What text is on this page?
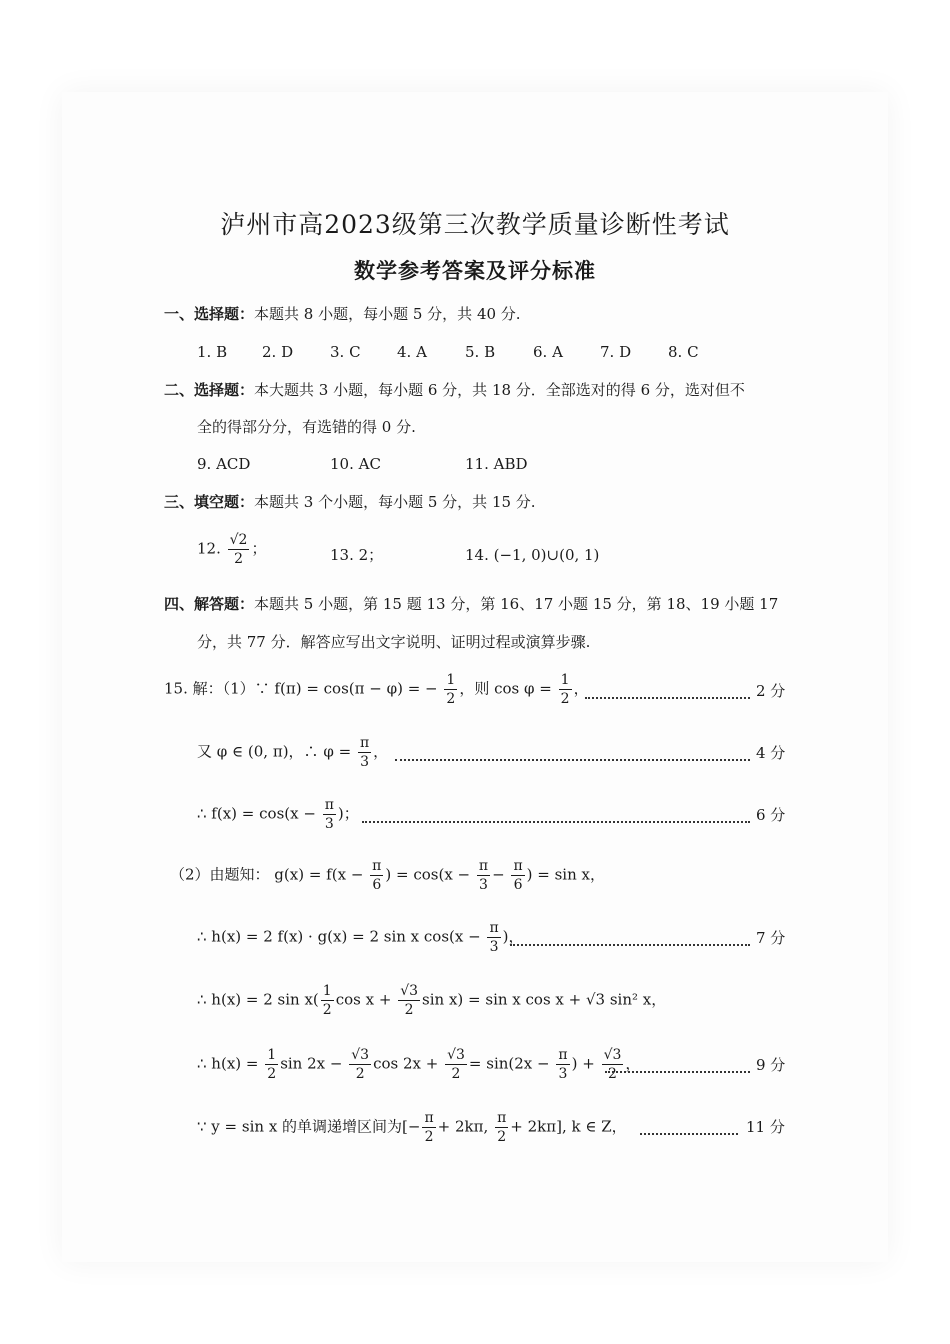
泸州市高2023级第三次教学质量诊断性考试
数学参考答案及评分标准
一、选择题：本题共 8 小题，每小题 5 分，共 40 分.
1. B 2. D 3. C 4. A	5. B	6. A 7. D 8. C
二、选择题：本大题共 3 小题，每小题 6 分，共 18 分．全部选对的得 6 分，选对但不
全的得部分分，有选错的得 0 分.
9. ACD	10. AC	11. ABD
三、填空题：本题共 3 个小题，每小题 5 分，共 15 分.
12. $\frac{√2}{2}$ ；	13. 2；	14. (−1, 0)∪(0, 1)
四、解答题：本题共 5 小题，第 15 题 13 分，第 16、17 小题 15 分，第 18、19 小题 17
分，共 77 分．解答应写出文字说明、证明过程或演算步骤.
15. 解：（1）∵ f(π) = cos(π − φ) = − $\frac{1}{2}$ ，则 $\cos \varphi = \frac{1}{2}$ ，	2 分
又 φ ∈ (0, π)，∴ $\varphi = \frac{\pi}{3}$ ，	4 分
∴ $f(x) = \cos(x - \frac{\pi}{3}$ )；	6 分
（2）由题知： $g(x) = f(x - \frac{\pi}{6}$ ) = $\cos(x - \frac{\pi}{3} - \frac{\pi}{6}$ ) = sin x，
∴ h(x) = 2 f(x) · g(x) = 2 sin x $\cos(x - \frac{\pi}{3}$ )，	7 分
∴ h(x) = 2 $\sin x( \frac{1}{2}$ $\cos x + \frac{√3}{2}$ sin x) = sin x cos x + √3 sin² x，
∴ $h(x) = \frac{1}{2}$ $\sin 2x - \frac{√3}{2}$ $\cos 2x + \frac{√3}{2} = \sin(2x - \frac{\pi}{3}$ ) + $\frac{√3}{2}$ ，	9 分
∵ y = sin x 的单调递增区间为[− $\frac{\pi}{2} + 2k\pi$, $\frac{\pi}{2} + 2k\pi$], k ∈ Z，	11 分
